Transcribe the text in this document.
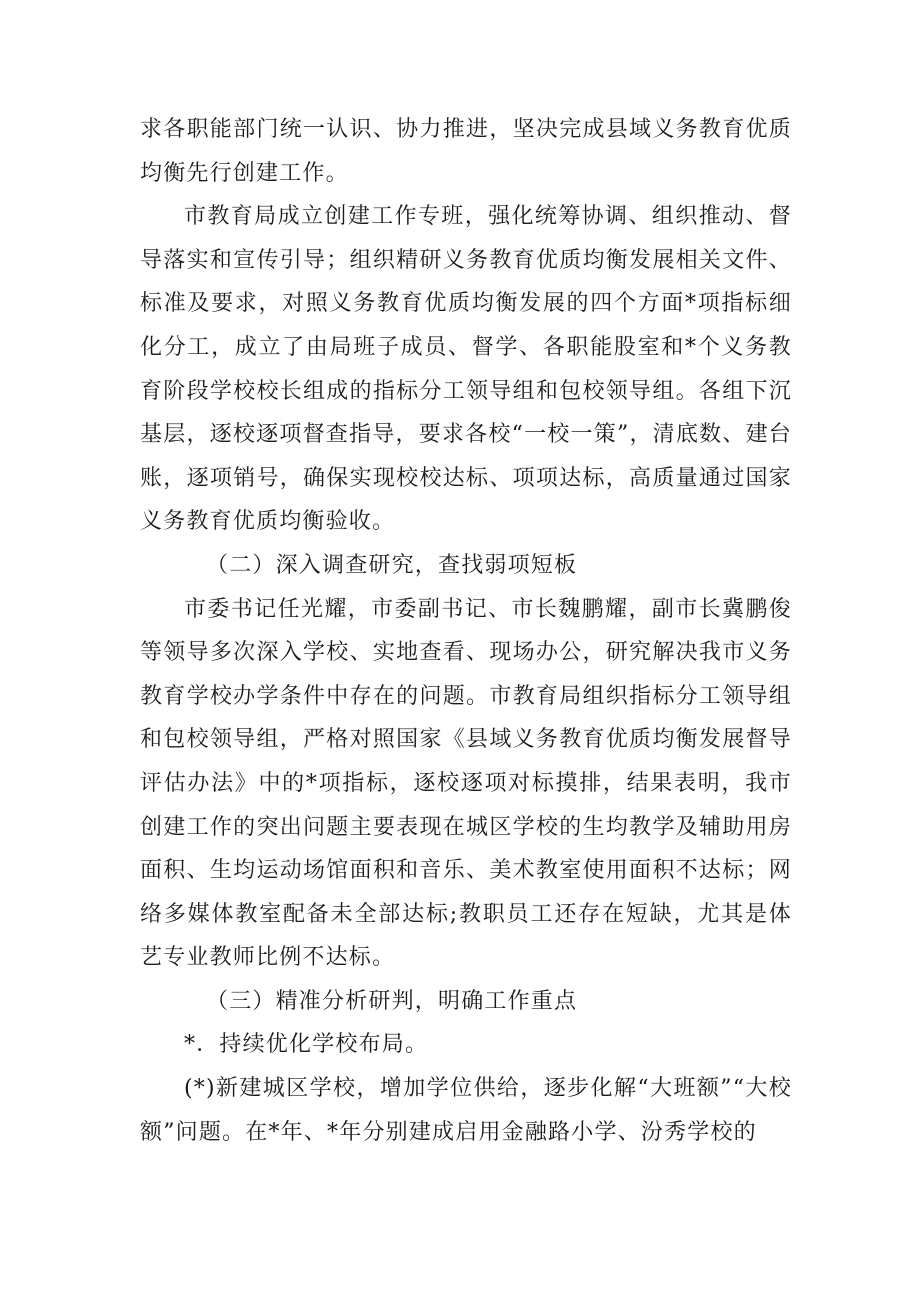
求各职能部门统一认识、协力推进，坚决完成县域义务教育优质均衡先行创建工作。

市教育局成立创建工作专班，强化统筹协调、组织推动、督导落实和宣传引导；组织精研义务教育优质均衡发展相关文件、标准及要求，对照义务教育优质均衡发展的四个方面*项指标细化分工，成立了由局班子成员、督学、各职能股室和*个义务教育阶段学校校长组成的指标分工领导组和包校领导组。各组下沉基层，逐校逐项督查指导，要求各校“一校一策”，清底数、建台账，逐项销号，确保实现校校达标、项项达标，高质量通过国家义务教育优质均衡验收。

（二）深入调查研究，查找弱项短板

市委书记任光耀，市委副书记、市长魏鹏耀，副市长冀鹏俊等领导多次深入学校、实地查看、现场办公，研究解决我市义务教育学校办学条件中存在的问题。市教育局组织指标分工领导组和包校领导组，严格对照国家《县域义务教育优质均衡发展督导评估办法》中的*项指标，逐校逐项对标摸排，结果表明，我市创建工作的突出问题主要表现在城区学校的生均教学及辅助用房面积、生均运动场馆面积和音乐、美术教室使用面积不达标；网络多媒体教室配备未全部达标;教职员工还存在短缺，尤其是体艺专业教师比例不达标。

（三）精准分析研判，明确工作重点

*．持续优化学校布局。

(*)新建城区学校，增加学位供给，逐步化解“大班额”“大校额”问题。在*年、*年分别建成启用金融路小学、汾秀学校的
